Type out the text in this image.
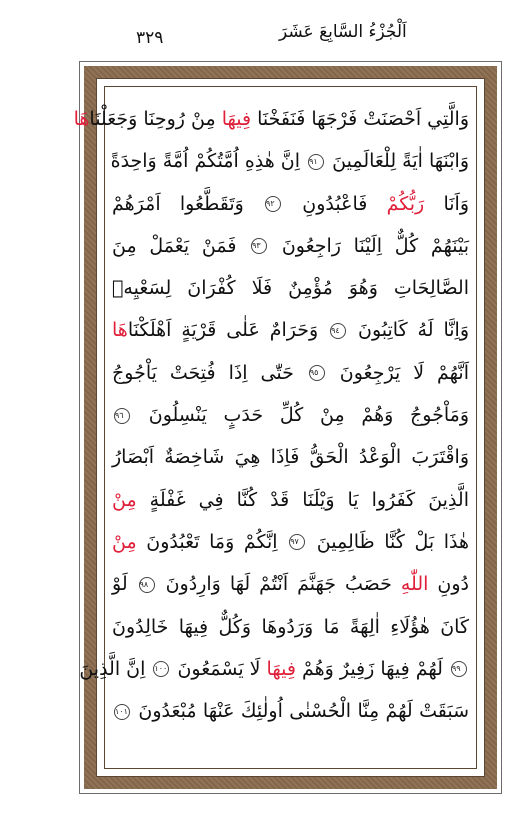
٣٢٩	اَلْجُزْءُ السَّابِعَ عَشَرَ
وَالَّتِي اَحْصَنَتْ فَرْجَهَا فَنَفَخْنَا فِيهَا مِنْ رُوحِنَا وَجَعَلْنَاهَا
وَابْنَهَا اٰيَةً لِلْعَالَمِينَ ٩١ اِنَّ هٰذِهِ اُمَّتُكُمْ اُمَّةً وَاحِدَةً
وَاَنَا رَبُّكُمْ فَاعْبُدُونِ ٩٢ وَتَقَطَّعُوا اَمْرَهُمْ
بَيْنَهُمْ كُلٌّ اِلَيْنَا رَاجِعُونَ ٩٣ فَمَنْ يَعْمَلْ مِنَ
الصَّالِحَاتِ وَهُوَ مُؤْمِنٌ فَلَا كُفْرَانَ لِسَعْيِهٖ
وَاِنَّا لَهُ كَاتِبُونَ ٩٤ وَحَرَامٌ عَلٰى قَرْيَةٍ اَهْلَكْنَاهَا
اَنَّهُمْ لَا يَرْجِعُونَ ٩٥ حَتّٰى اِذَا فُتِحَتْ يَاْجُوجُ
وَمَاْجُوجُ وَهُمْ مِنْ كُلِّ حَدَبٍ يَنْسِلُونَ ٩٦
وَاقْتَرَبَ الْوَعْدُ الْحَقُّ فَاِذَا هِيَ شَاخِصَةٌ اَبْصَارُ
الَّذِينَ كَفَرُوا يَا وَيْلَنَا قَدْ كُنَّا فِي غَفْلَةٍ مِنْ
هٰذَا بَلْ كُنَّا ظَالِمِينَ ٩٧ اِنَّكُمْ وَمَا تَعْبُدُونَ مِنْ
دُونِ اللّٰهِ حَصَبُ جَهَنَّمَ اَنْتُمْ لَهَا وَارِدُونَ ٩٨ لَوْ
كَانَ هٰؤُلَاءِ اٰلِهَةً مَا وَرَدُوهَا وَكُلٌّ فِيهَا خَالِدُونَ
٩٩ لَهُمْ فِيهَا زَفِيرٌ وَهُمْ فِيهَا لَا يَسْمَعُونَ ١٠٠ اِنَّ الَّذِينَ
سَبَقَتْ لَهُمْ مِنَّا الْحُسْنٰى اُولٰئِكَ عَنْهَا مُبْعَدُونَ ١٠١
